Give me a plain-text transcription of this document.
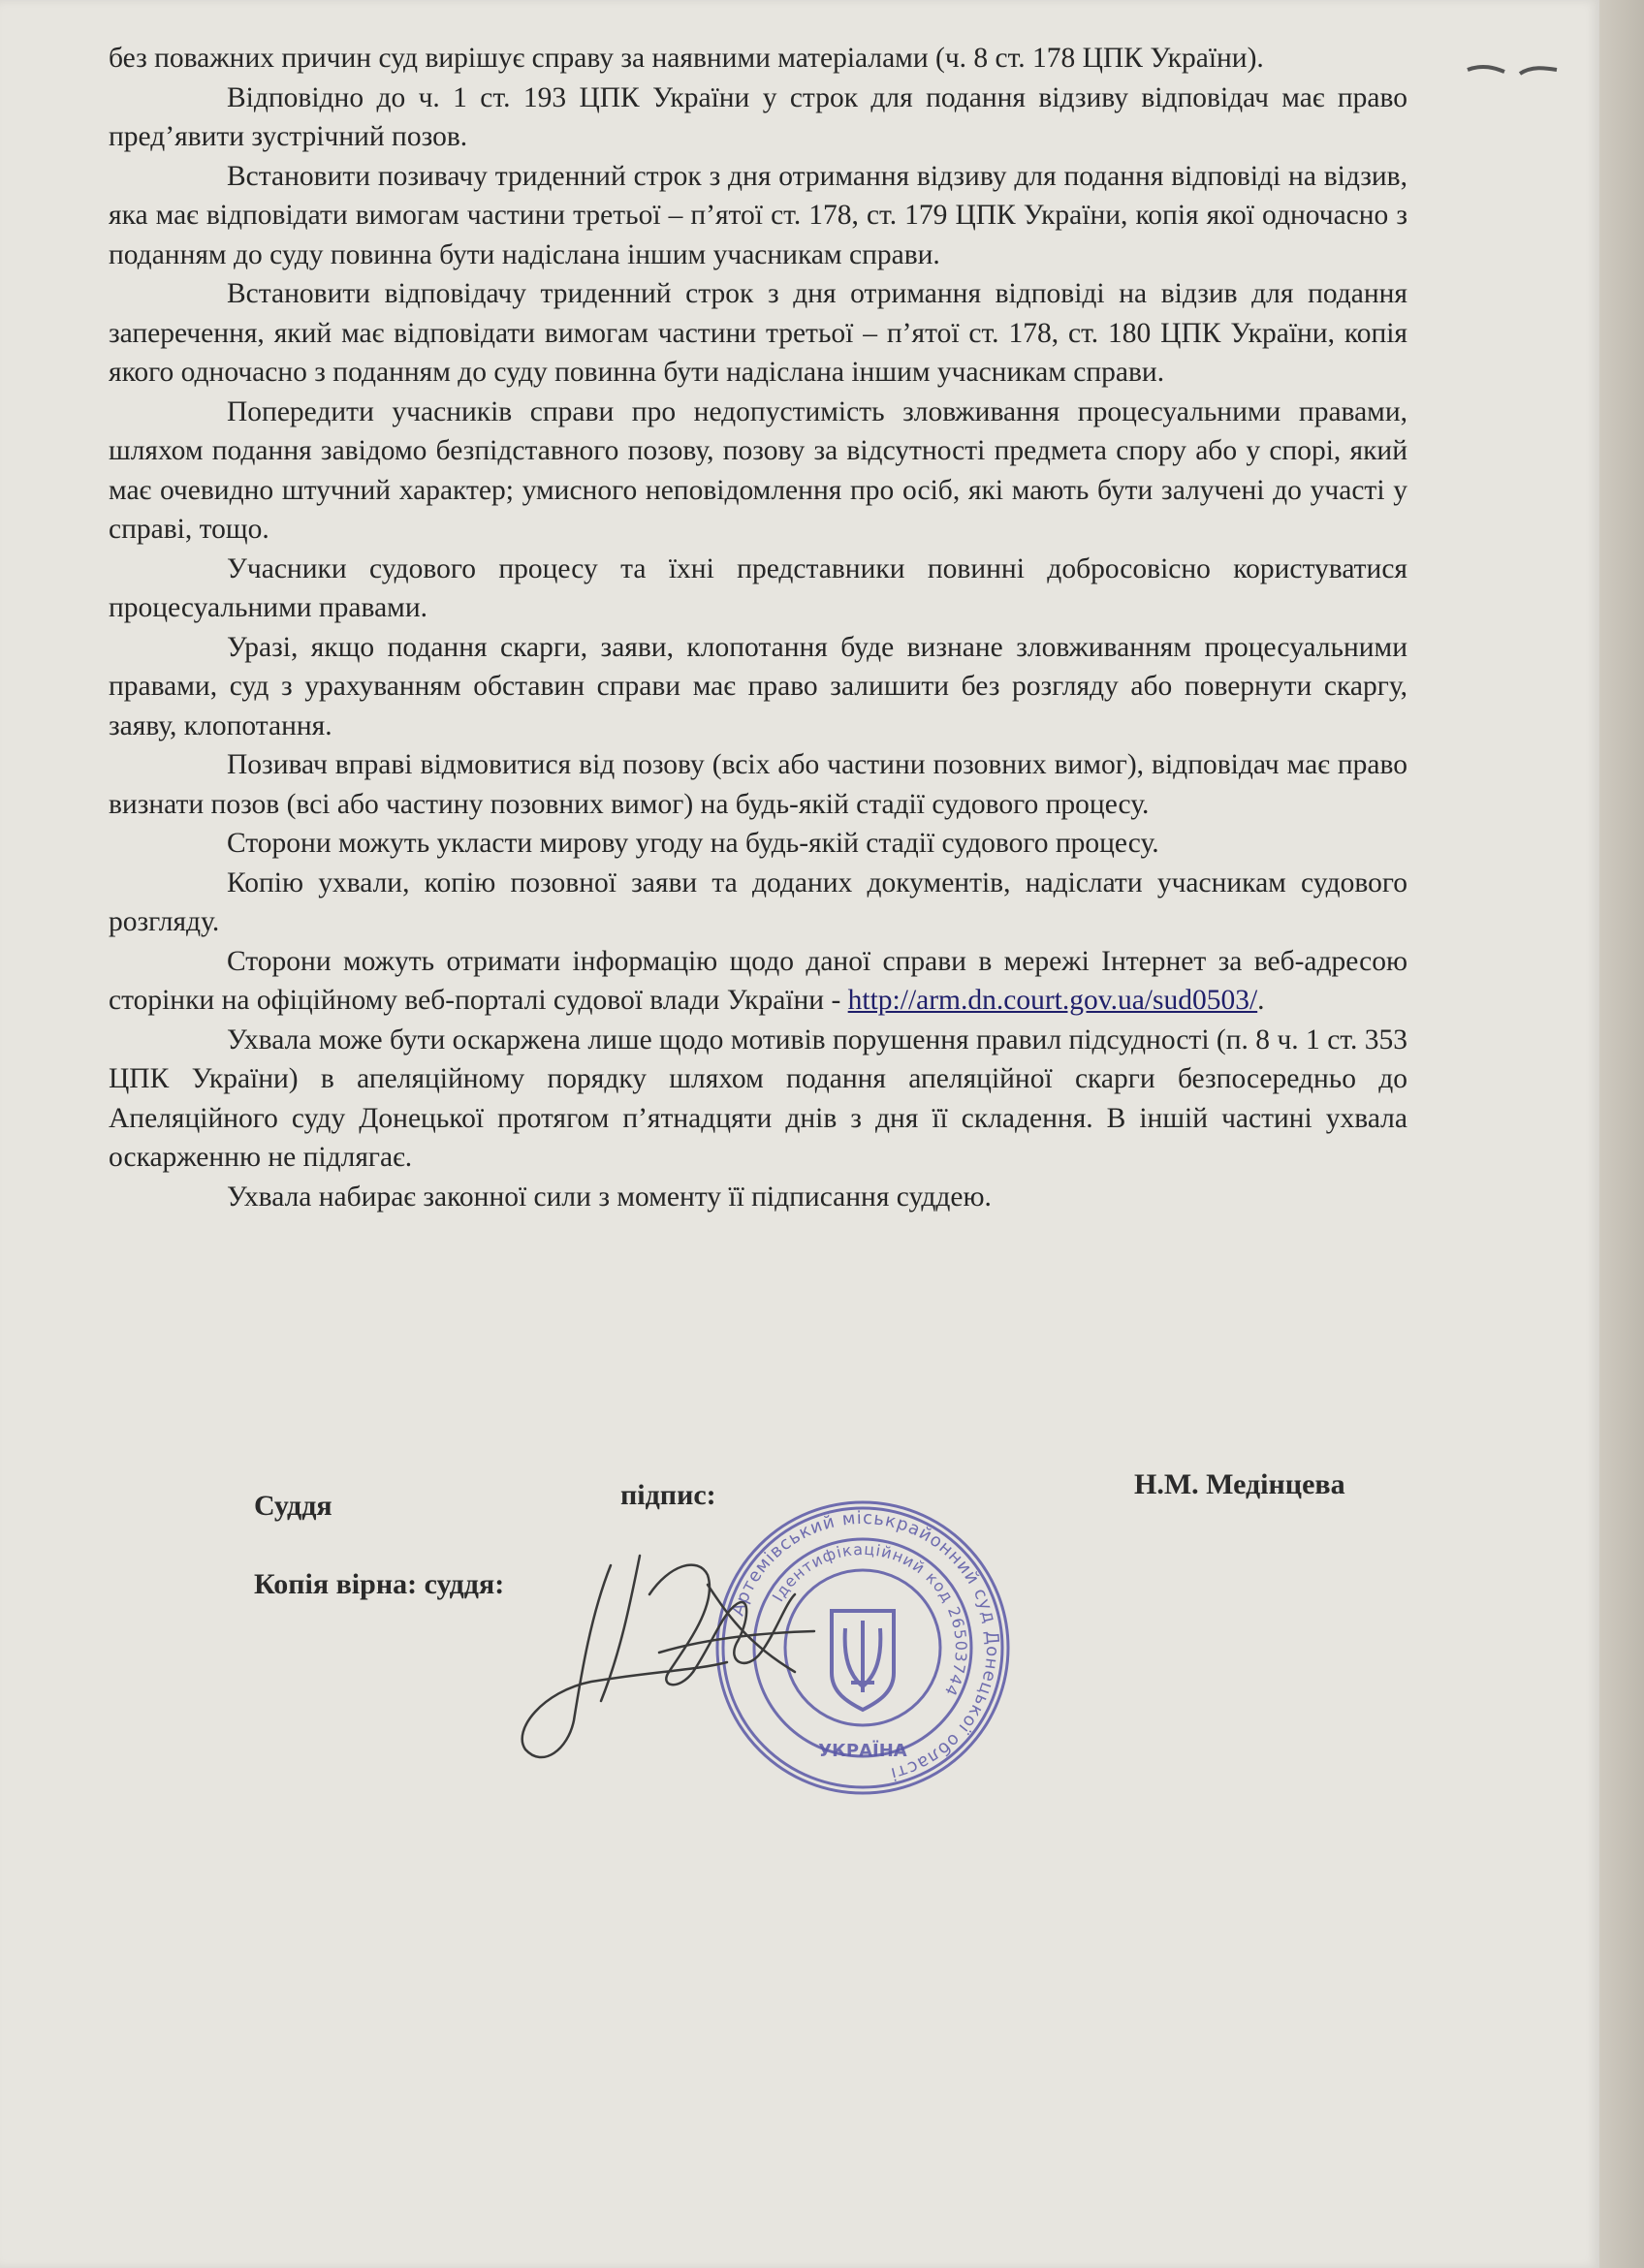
без поважних причин суд вирішує справу за наявними матеріалами (ч. 8 ст. 178 ЦПК України).

Відповідно до ч. 1 ст. 193 ЦПК України у строк для подання відзиву відповідач має право пред’явити зустрічний позов.

Встановити позивачу триденний строк з дня отримання відзиву для подання відповіді на відзив, яка має відповідати вимогам частини третьої – п’ятої ст. 178, ст. 179 ЦПК України, копія якої одночасно з поданням до суду повинна бути надіслана іншим учасникам справи.

Встановити відповідачу триденний строк з дня отримання відповіді на відзив для подання заперечення, який має відповідати вимогам частини третьої – п’ятої ст. 178, ст. 180 ЦПК України, копія якого одночасно з поданням до суду повинна бути надіслана іншим учасникам справи.

Попередити учасників справи про недопустимість зловживання процесуальними правами, шляхом подання завідомо безпідставного позову, позову за відсутності предмета спору або у спорі, який має очевидно штучний характер; умисного неповідомлення про осіб, які мають бути залучені до участі у справі, тощо.

Учасники судового процесу та їхні представники повинні добросовісно користуватися процесуальними правами.

Уразі, якщо подання скарги, заяви, клопотання буде визнане зловживанням процесуальними правами, суд з урахуванням обставин справи має право залишити без розгляду або повернути скаргу, заяву, клопотання.

Позивач вправі відмовитися від позову (всіх або частини позовних вимог), відповідач має право визнати позов (всі або частину позовних вимог) на будь-якій стадії судового процесу.

Сторони можуть укласти мирову угоду на будь-якій стадії судового процесу.

Копію ухвали, копію позовної заяви та доданих документів, надіслати учасникам судового розгляду.

Сторони можуть отримати інформацію щодо даної справи в мережі Інтернет за веб-адресою сторінки на офіційному веб-порталі судової влади України - http://arm.dn.court.gov.ua/sud0503/.

Ухвала може бути оскаржена лише щодо мотивів порушення правил підсудності (п. 8 ч. 1 ст. 353 ЦПК України) в апеляційному порядку шляхом подання апеляційної скарги безпосередньо до Апеляційного суду Донецької протягом п’ятнадцяти днів з дня її складення. В іншій частині ухвала оскарженню не підлягає.

Ухвала набирає законної сили з моменту її підписання суддею.

Суддя	підпис:	Н.М. Медінцева
Копія вірна: суддя:
Артемівський міськрайонний суд Донецької області
Ідентифікаційний код 26503744
УКРАЇНА
